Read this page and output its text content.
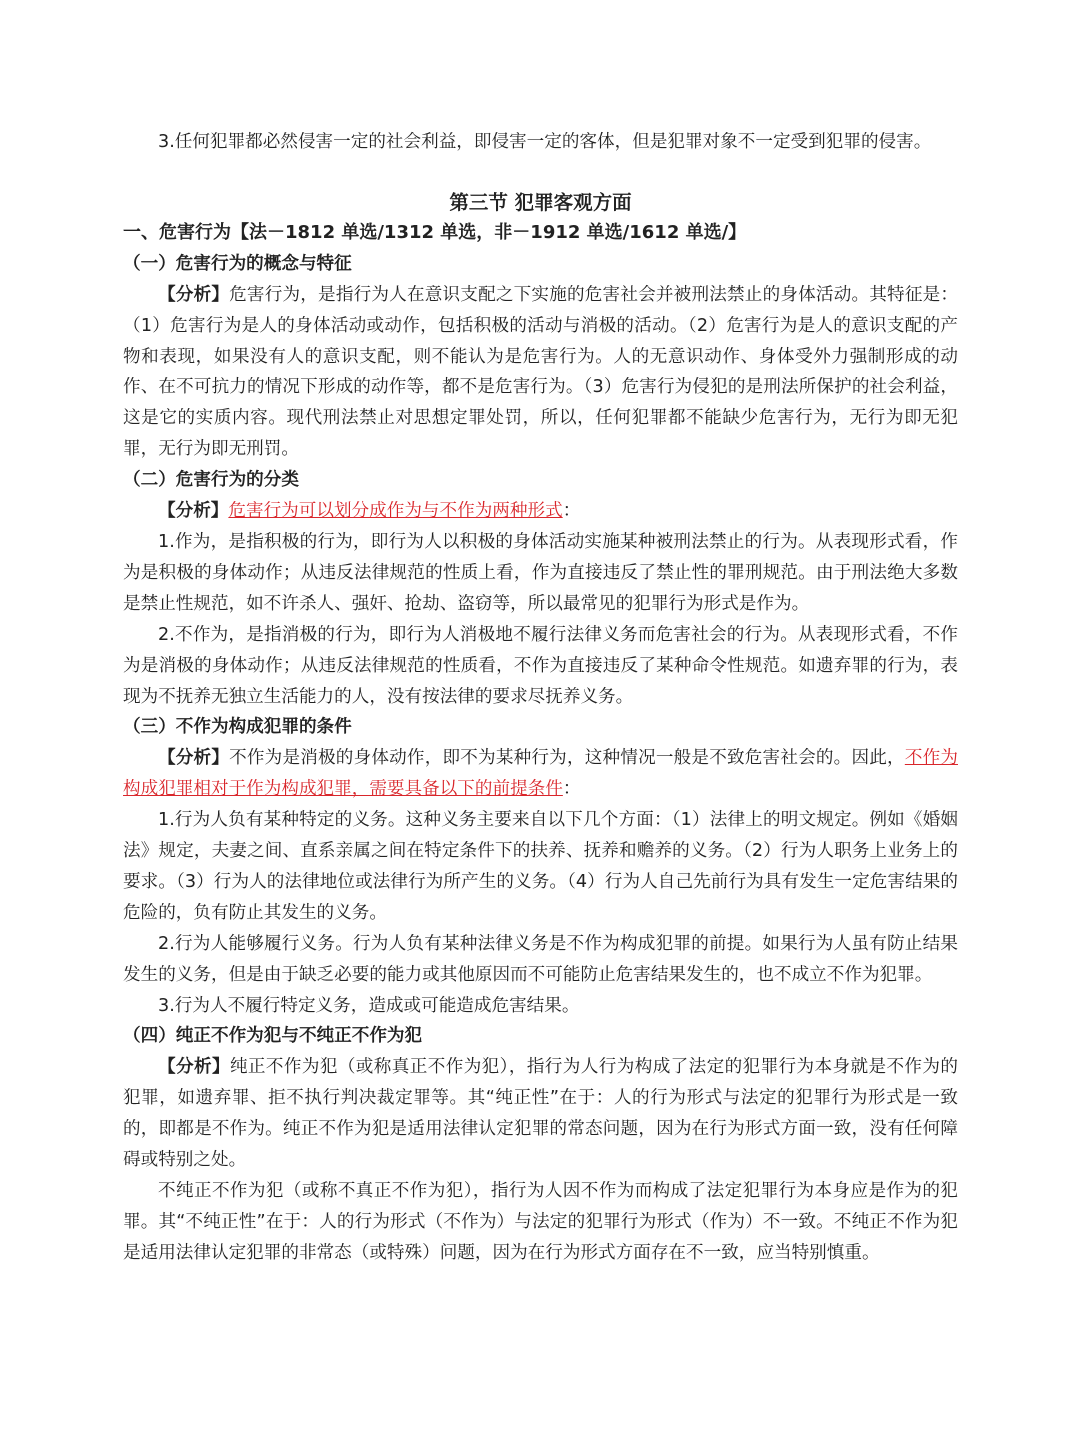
3.任何犯罪都必然侵害一定的社会利益，即侵害一定的客体，但是犯罪对象不一定受到犯罪的侵害。

第三节 犯罪客观方面

一、危害行为【法－1812 单选/1312 单选，非－1912 单选/1612 单选/】

（一）危害行为的概念与特征

【分析】危害行为，是指行为人在意识支配之下实施的危害社会并被刑法禁止的身体活动。其特征是：（1）危害行为是人的身体活动或动作，包括积极的活动与消极的活动。（2）危害行为是人的意识支配的产物和表现，如果没有人的意识支配，则不能认为是危害行为。人的无意识动作、身体受外力强制形成的动作、在不可抗力的情况下形成的动作等，都不是危害行为。（3）危害行为侵犯的是刑法所保护的社会利益，这是它的实质内容。现代刑法禁止对思想定罪处罚，所以，任何犯罪都不能缺少危害行为，无行为即无犯罪，无行为即无刑罚。

（二）危害行为的分类

【分析】危害行为可以划分成作为与不作为两种形式：

1.作为，是指积极的行为，即行为人以积极的身体活动实施某种被刑法禁止的行为。从表现形式看，作为是积极的身体动作；从违反法律规范的性质上看，作为直接违反了禁止性的罪刑规范。由于刑法绝大多数是禁止性规范，如不许杀人、强奸、抢劫、盗窃等，所以最常见的犯罪行为形式是作为。

2.不作为，是指消极的行为，即行为人消极地不履行法律义务而危害社会的行为。从表现形式看，不作为是消极的身体动作；从违反法律规范的性质看，不作为直接违反了某种命令性规范。如遗弃罪的行为，表现为不抚养无独立生活能力的人，没有按法律的要求尽抚养义务。

（三）不作为构成犯罪的条件

【分析】不作为是消极的身体动作，即不为某种行为，这种情况一般是不致危害社会的。因此，不作为构成犯罪相对于作为构成犯罪，需要具备以下的前提条件：

1.行为人负有某种特定的义务。这种义务主要来自以下几个方面：（1）法律上的明文规定。例如《婚姻法》规定，夫妻之间、直系亲属之间在特定条件下的扶养、抚养和赡养的义务。（2）行为人职务上业务上的要求。（3）行为人的法律地位或法律行为所产生的义务。（4）行为人自己先前行为具有发生一定危害结果的危险的，负有防止其发生的义务。

2.行为人能够履行义务。行为人负有某种法律义务是不作为构成犯罪的前提。如果行为人虽有防止结果发生的义务，但是由于缺乏必要的能力或其他原因而不可能防止危害结果发生的，也不成立不作为犯罪。

3.行为人不履行特定义务，造成或可能造成危害结果。

（四）纯正不作为犯与不纯正不作为犯

【分析】纯正不作为犯（或称真正不作为犯），指行为人行为构成了法定的犯罪行为本身就是不作为的犯罪，如遗弃罪、拒不执行判决裁定罪等。其“纯正性”在于：人的行为形式与法定的犯罪行为形式是一致的，即都是不作为。纯正不作为犯是适用法律认定犯罪的常态问题，因为在行为形式方面一致，没有任何障碍或特别之处。

不纯正不作为犯（或称不真正不作为犯），指行为人因不作为而构成了法定犯罪行为本身应是作为的犯罪。其“不纯正性”在于：人的行为形式（不作为）与法定的犯罪行为形式（作为）不一致。不纯正不作为犯是适用法律认定犯罪的非常态（或特殊）问题，因为在行为形式方面存在不一致，应当特别慎重。
